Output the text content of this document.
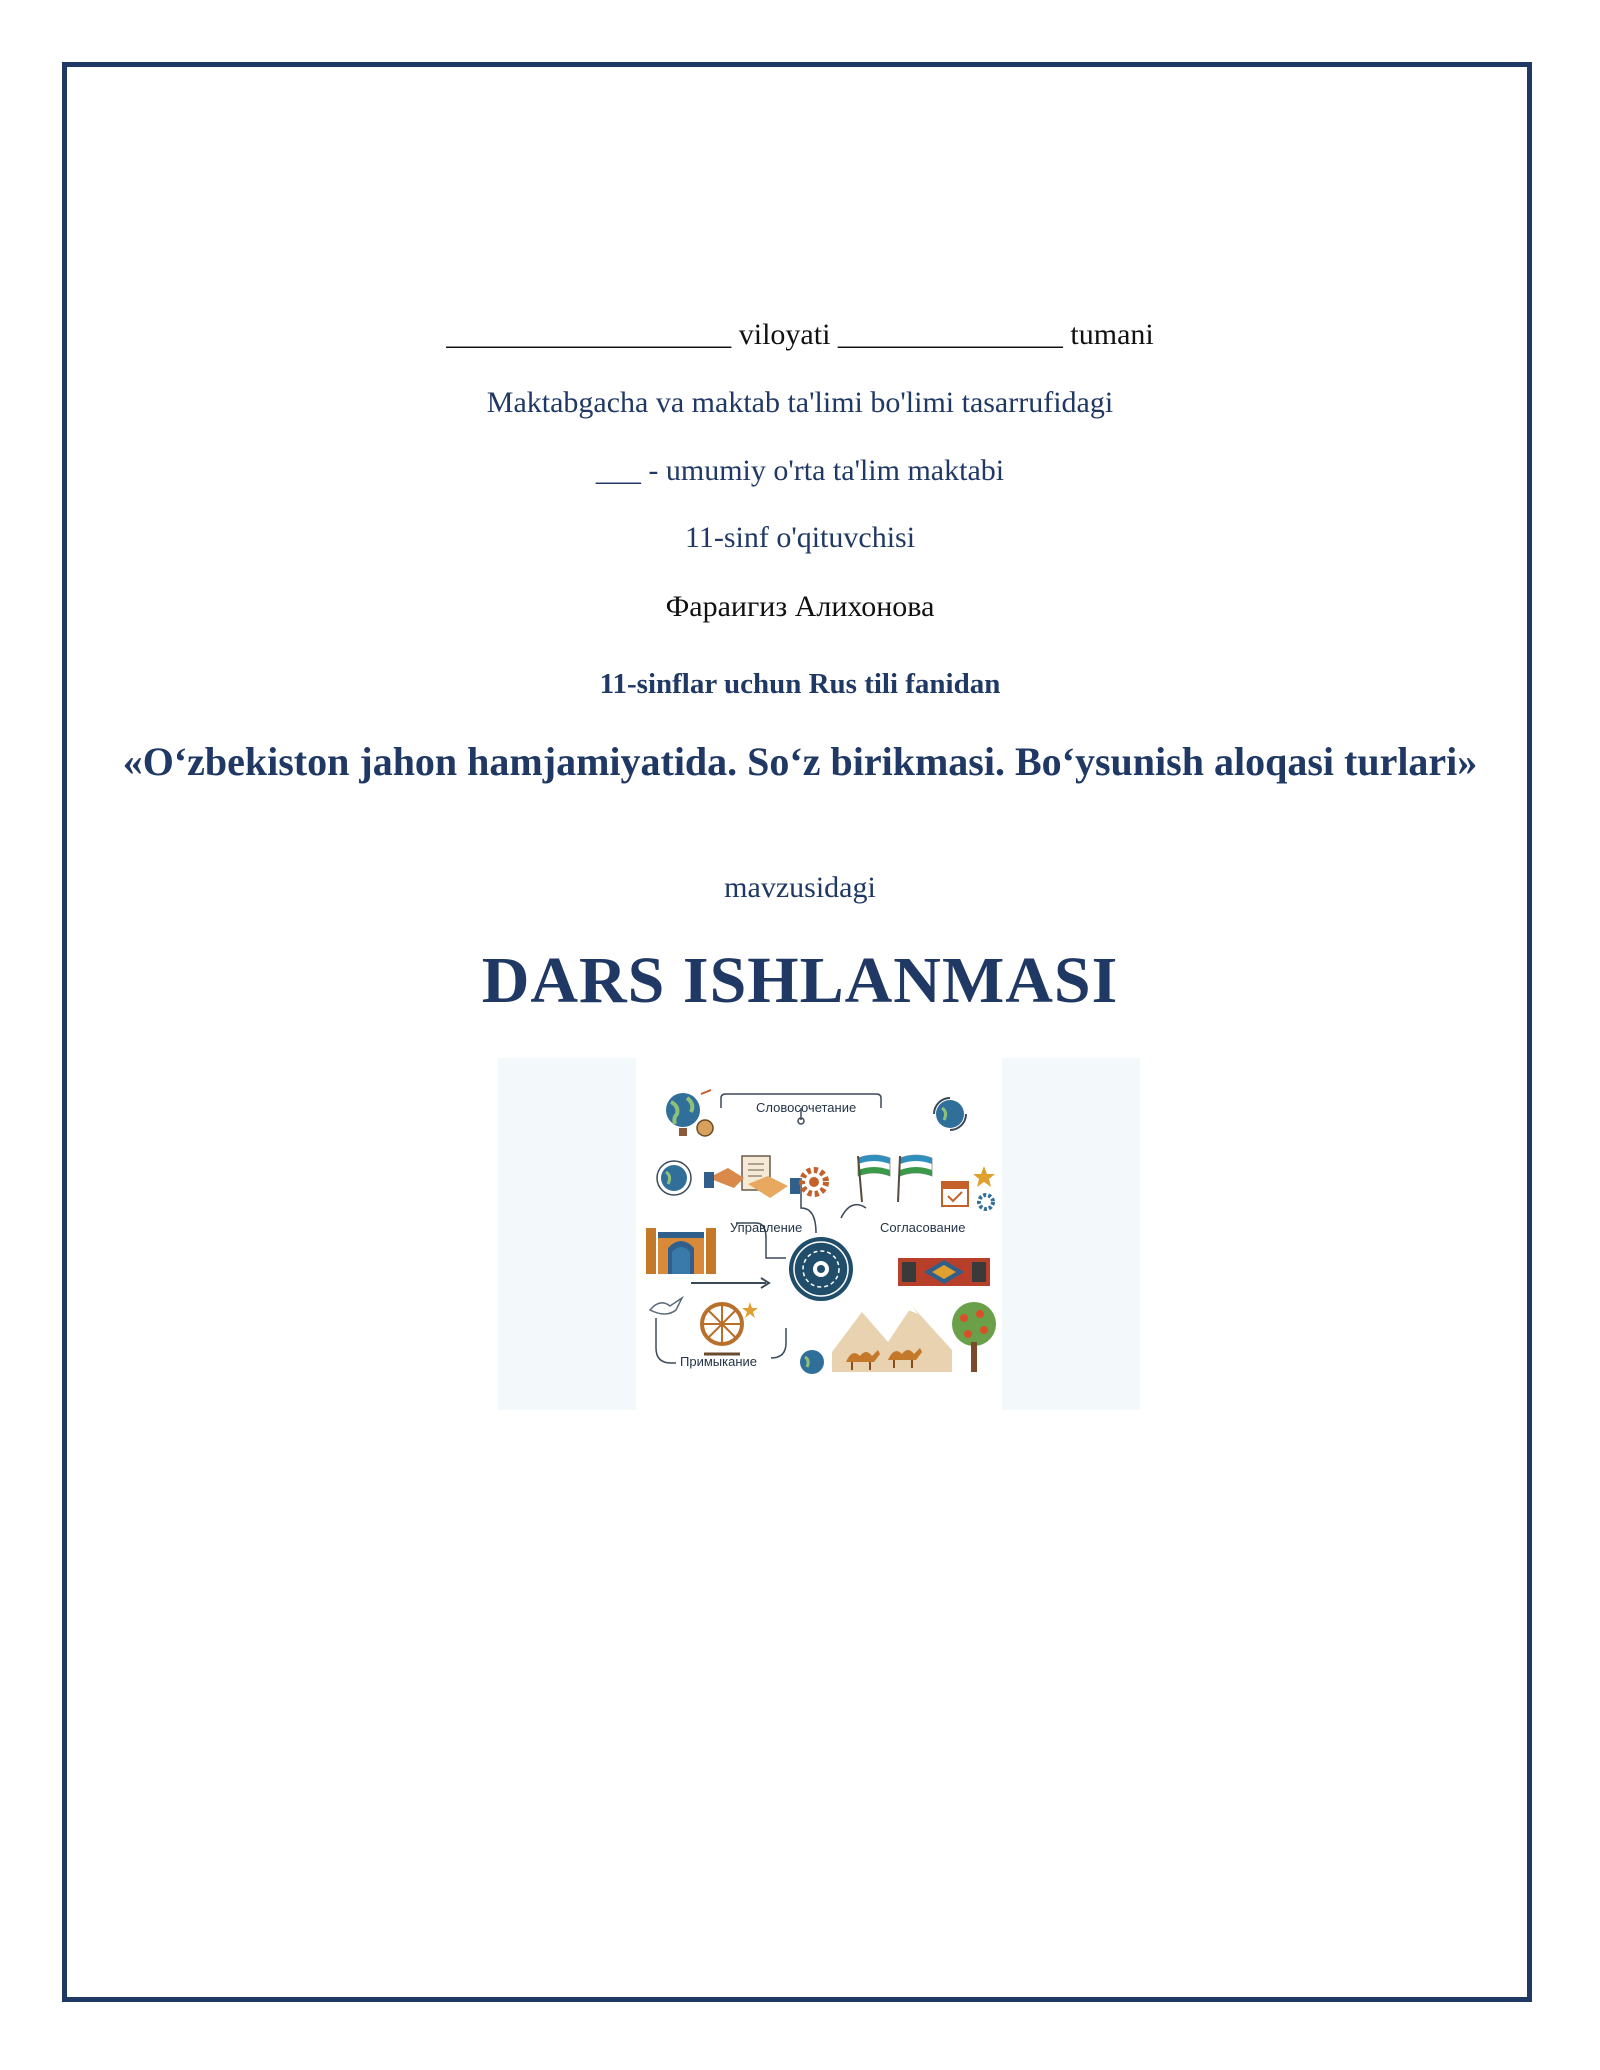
___________________ viloyati _______________ tumani
Maktabgacha va maktab ta'limi bo'limi tasarrufidagi
___ - umumiy o'rta ta'lim maktabi
11-sinf o'qituvchisi
Фараигиз Алихонова
11-sinflar uchun Rus tili fanidan
«O‘zbekiston jahon hamjamiyatida. So‘z birikmasi. Bo‘ysunish aloqasi turlari»
mavzusidagi
DARS ISHLANMASI
Словосочетание
Управление	Согласование
Примыкание
